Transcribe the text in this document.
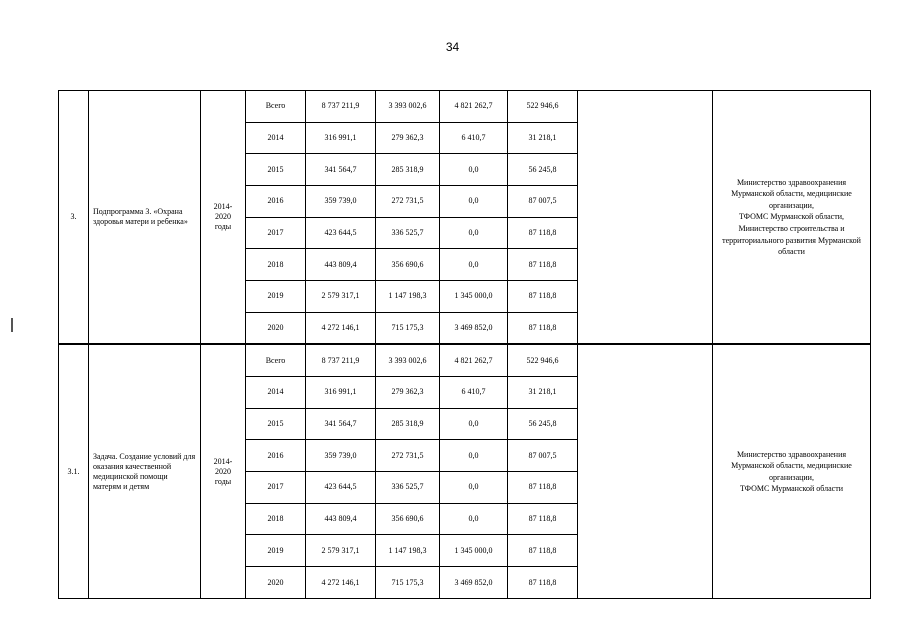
34
3.	Подпрограмма 3. «Охрана здоровья матери и ребенка»	2014-
2020
годы	Всего	8 737 211,9	3 393 002,6	4 821 262,7	522 946,6		Министерство здравоохранения Мурманской области, медицинские организации,
ТФОМС Мурманской области,
Министерство строительства и территориального развития Мурманской области
			2014	316 991,1	279 362,3	6 410,7	31 218,1		
			2015	341 564,7	285 318,9	0,0	56 245,8		
			2016	359 739,0	272 731,5	0,0	87 007,5		
			2017	423 644,5	336 525,7	0,0	87 118,8		
			2018	443 809,4	356 690,6	0,0	87 118,8		
			2019	2 579 317,1	1 147 198,3	1 345 000,0	87 118,8		
			2020	4 272 146,1	715 175,3	3 469 852,0	87 118,8		
3.1.	Задача. Создание условий для оказания качественной медицинской помощи матерям и детям	2014-
2020
годы	Всего	8 737 211,9	3 393 002,6	4 821 262,7	522 946,6		Министерство здравоохранения Мурманской области, медицинские организации,
ТФОМС Мурманской области
			2014	316 991,1	279 362,3	6 410,7	31 218,1		
			2015	341 564,7	285 318,9	0,0	56 245,8		
			2016	359 739,0	272 731,5	0,0	87 007,5		
			2017	423 644,5	336 525,7	0,0	87 118,8		
			2018	443 809,4	356 690,6	0,0	87 118,8		
			2019	2 579 317,1	1 147 198,3	1 345 000,0	87 118,8		
			2020	4 272 146,1	715 175,3	3 469 852,0	87 118,8		
